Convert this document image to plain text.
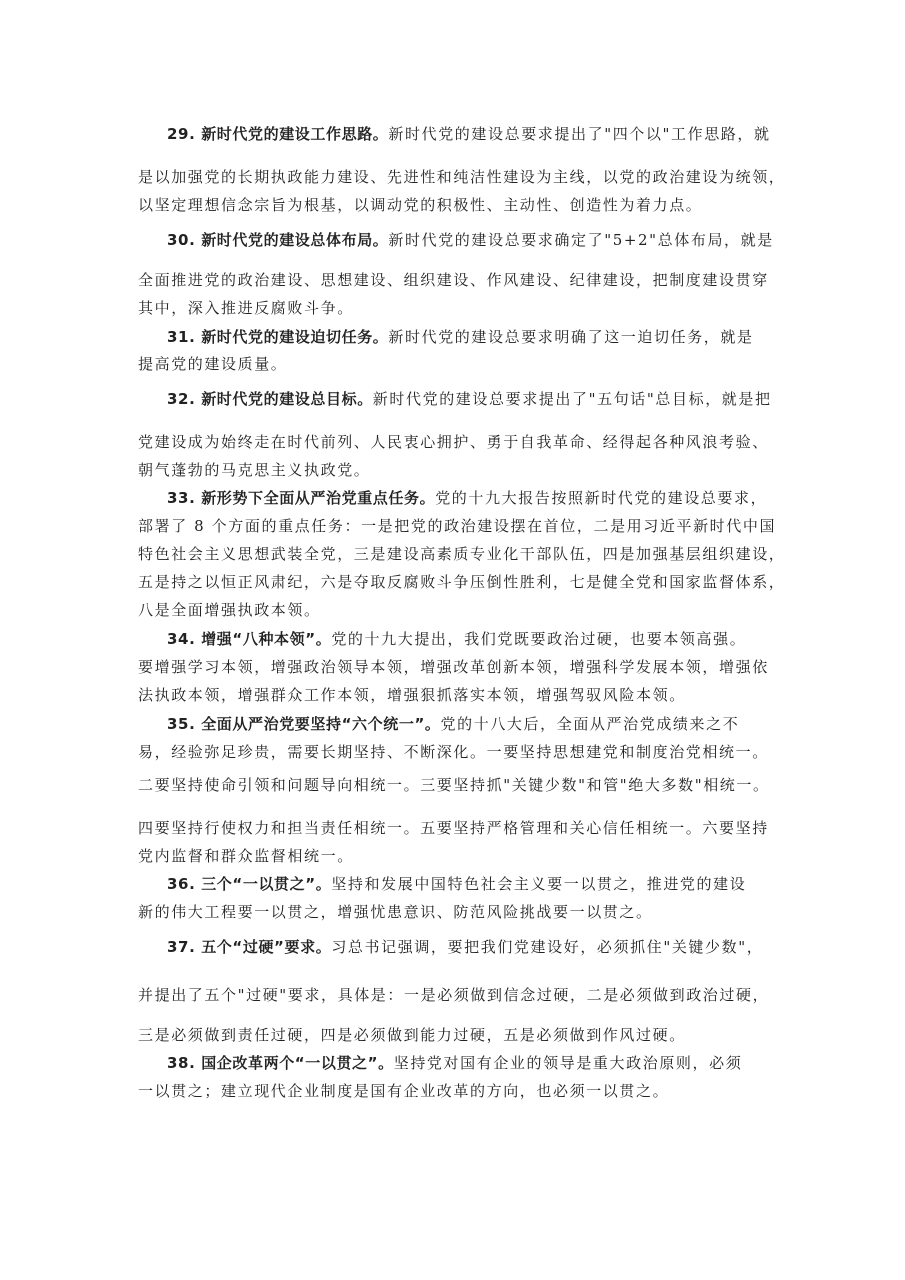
29. 新时代党的建设工作思路。新时代党的建设总要求提出了"四个以"工作思路，就
是以加强党的长期执政能力建设、先进性和纯洁性建设为主线，以党的政治建设为统领，
以坚定理想信念宗旨为根基，以调动党的积极性、主动性、创造性为着力点。
30. 新时代党的建设总体布局。新时代党的建设总要求确定了"5+2"总体布局，就是
全面推进党的政治建设、思想建设、组织建设、作风建设、纪律建设，把制度建设贯穿
其中，深入推进反腐败斗争。
31. 新时代党的建设迫切任务。新时代党的建设总要求明确了这一迫切任务，就是
提高党的建设质量。
32. 新时代党的建设总目标。新时代党的建设总要求提出了"五句话"总目标，就是把
党建设成为始终走在时代前列、人民衷心拥护、勇于自我革命、经得起各种风浪考验、
朝气蓬勃的马克思主义执政党。
33. 新形势下全面从严治党重点任务。党的十九大报告按照新时代党的建设总要求，
部署了 8 个方面的重点任务：一是把党的政治建设摆在首位，二是用习近平新时代中国
特色社会主义思想武装全党，三是建设高素质专业化干部队伍，四是加强基层组织建设，
五是持之以恒正风肃纪，六是夺取反腐败斗争压倒性胜利，七是健全党和国家监督体系，
八是全面增强执政本领。
34. 增强“八种本领”。党的十九大提出，我们党既要政治过硬，也要本领高强。
要增强学习本领，增强政治领导本领，增强改革创新本领，增强科学发展本领，增强依
法执政本领，增强群众工作本领，增强狠抓落实本领，增强驾驭风险本领。
35. 全面从严治党要坚持“六个统一”。党的十八大后，全面从严治党成绩来之不
易，经验弥足珍贵，需要长期坚持、不断深化。一要坚持思想建党和制度治党相统一。
二要坚持使命引领和问题导向相统一。三要坚持抓"关键少数"和管"绝大多数"相统一。
四要坚持行使权力和担当责任相统一。五要坚持严格管理和关心信任相统一。六要坚持
党内监督和群众监督相统一。
36. 三个“一以贯之”。坚持和发展中国特色社会主义要一以贯之，推进党的建设
新的伟大工程要一以贯之，增强忧患意识、防范风险挑战要一以贯之。
37. 五个“过硬”要求。习总书记强调，要把我们党建设好，必须抓住"关键少数"，
并提出了五个"过硬"要求，具体是：一是必须做到信念过硬，二是必须做到政治过硬，
三是必须做到责任过硬，四是必须做到能力过硬，五是必须做到作风过硬。
38. 国企改革两个“一以贯之”。坚持党对国有企业的领导是重大政治原则，必须
一以贯之；建立现代企业制度是国有企业改革的方向，也必须一以贯之。
